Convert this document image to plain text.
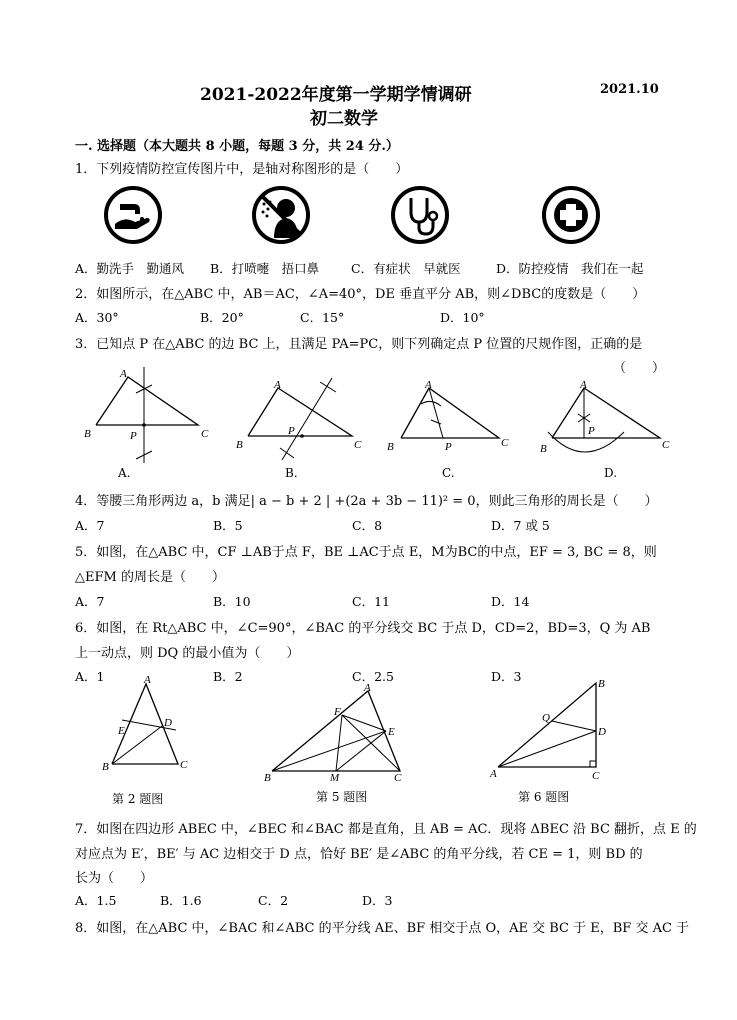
2021-2022年度第一学期学情调研
初二数学
2021.10
一. 选择题（本大题共 8 小题，每题 3 分，共 24 分.）
1．下列疫情防控宣传图片中，是轴对称图形的是（　　）
A．勤洗手　勤通风 B．打喷嚏　捂口鼻	C．有症状　早就医	D．防控疫情　我们在一起
2．如图所示，在△ABC 中，AB＝AC，∠A=40°，DE 垂直平分 AB，则∠DBC的度数是（　　）
A．30°	B．20°	C．15°	D．10°
3．已知点 P 在△ABC 的边 BC 上，且满足 PA=PC，则下列确定点 P 位置的尺规作图，正确的是
（　　）
A
B	C
P
A.
A
B	C
P
B.
A
B	C
P
C.
A
B	C
P
D.
4．等腰三角形两边 a，b 满足| a − b + 2 | +(2a + 3b − 11)² = 0，则此三角形的周长是（　　）
A．7	B．5	C．8	D．7 或 5
5．如图，在△ABC 中，CF ⊥AB于点 F，BE ⊥AC于点 E，M为BC的中点，EF = 3, BC = 8，则
△EFM 的周长是（　　）
A．7	B．10	C．11	D．14
6．如图，在 Rt△ABC 中，∠C=90°，∠BAC 的平分线交 BC 于点 D，CD=2，BD=3，Q 为 AB
上一动点，则 DQ 的最小值为（　　）
A．1	B．2	C．2.5	D．3
A
B	C
D
E
第 2 题图
A
B	C
F
E
M
第 5 题图
B
A	C
D
Q
第 6 题图
7．如图在四边形 ABEC 中，∠BEC 和∠BAC 都是直角，且 AB = AC．现将 ΔBEC 沿 BC 翻折，点 E 的
对应点为 E′，BE′ 与 AC 边相交于 D 点，恰好 BE′ 是∠ABC 的角平分线，若 CE = 1，则 BD 的
长为（　　）
A．1.5	B．1.6	C．2	D．3
8．如图，在△ABC 中，∠BAC 和∠ABC 的平分线 AE、BF 相交于点 O，AE 交 BC 于 E，BF 交 AC 于
